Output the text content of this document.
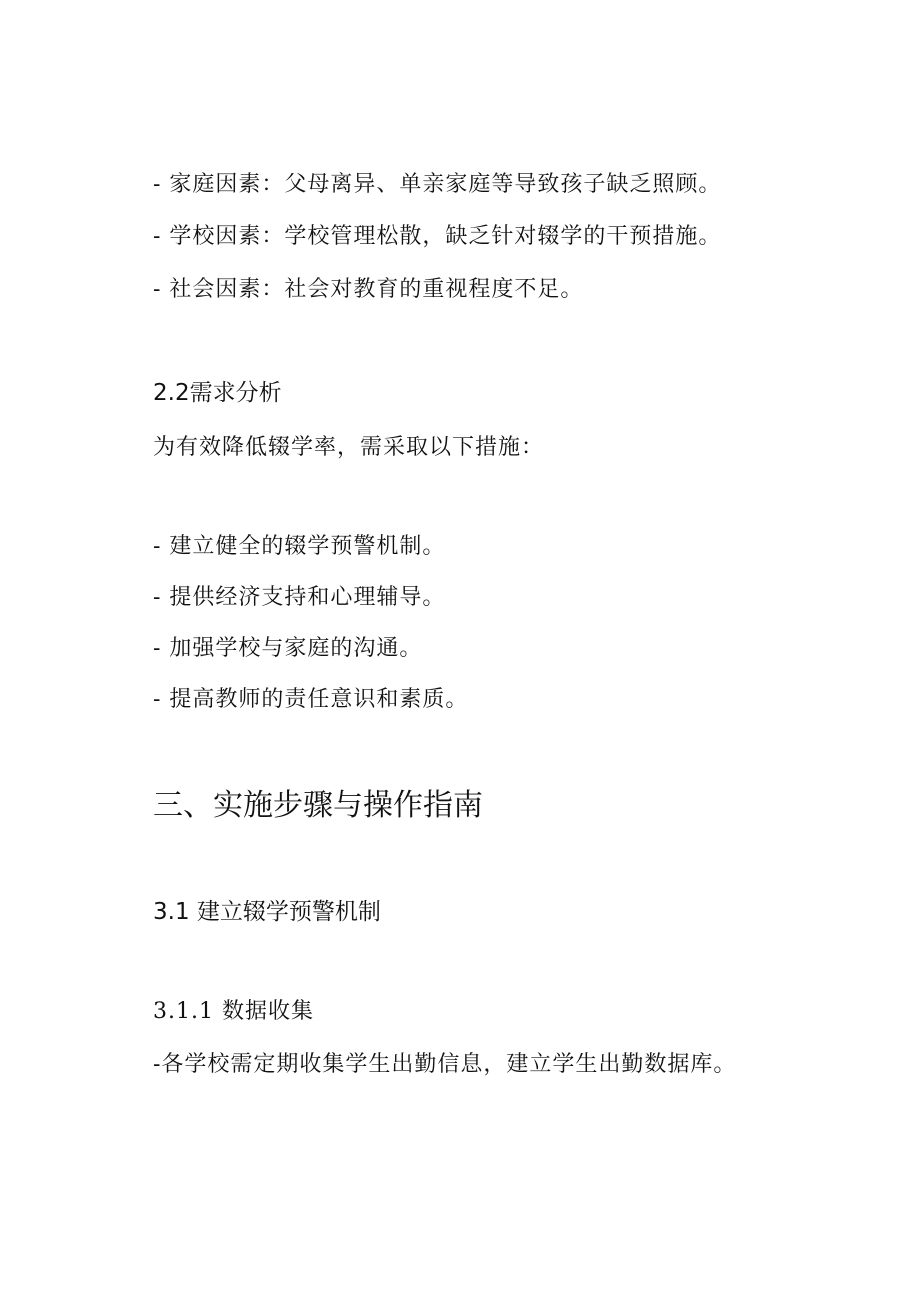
- 家庭因素：父母离异、单亲家庭等导致孩子缺乏照顾。
- 学校因素：学校管理松散，缺乏针对辍学的干预措施。
- 社会因素：社会对教育的重视程度不足。
2.2需求分析
为有效降低辍学率，需采取以下措施：
- 建立健全的辍学预警机制。
- 提供经济支持和心理辅导。
- 加强学校与家庭的沟通。
- 提高教师的责任意识和素质。
三、实施步骤与操作指南
3.1 建立辍学预警机制
3.1.1 数据收集
-各学校需定期收集学生出勤信息，建立学生出勤数据库。
